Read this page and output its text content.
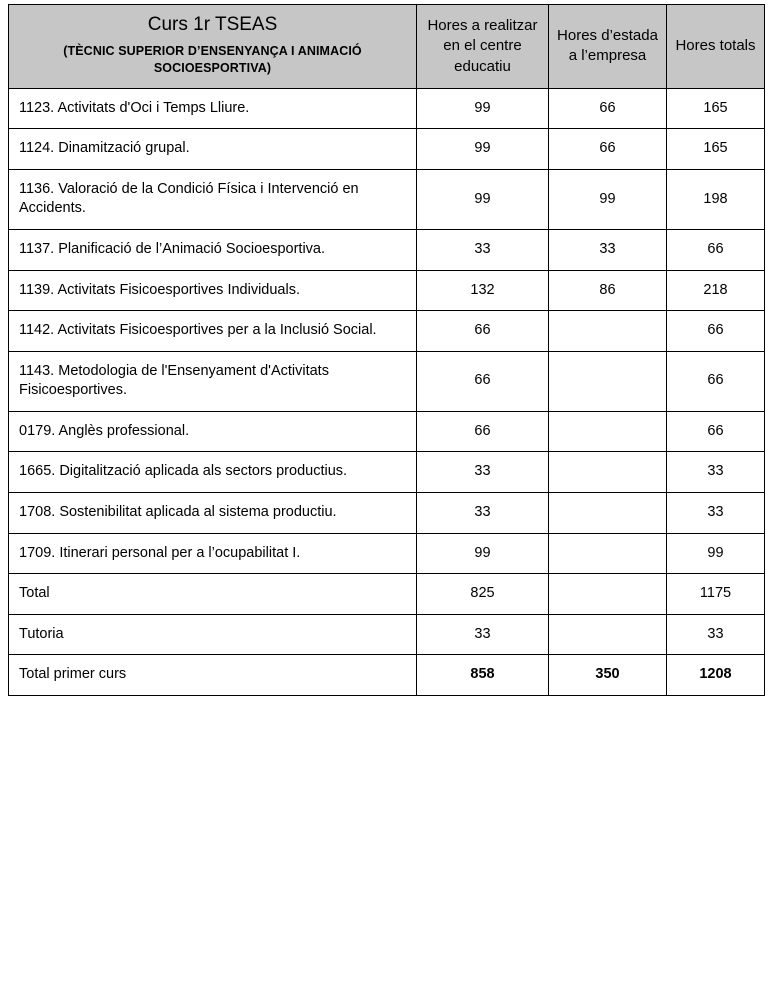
Curs 1r TSEAS
(TÈCNIC SUPERIOR D’ENSENYANÇA I ANIMACIÓ SOCIOESPORTIVA)	Hores a realitzar en el centre educatiu	Hores d’estada a l’empresa	Hores totals
1123. Activitats d'Oci i Temps Lliure.	99	66	165
1124. Dinamització grupal.	99	66	165
1136. Valoració de la Condició Física i Intervenció en Accidents.	99	99	198
1137. Planificació de l’Animació Socioesportiva.	33	33	66
1139. Activitats Fisicoesportives Individuals.	132	86	218
1142. Activitats Fisicoesportives per a la Inclusió Social.	66		66
1143. Metodologia de l'Ensenyament d'Activitats Fisicoesportives.	66		66
0179. Anglès professional.	66		66
1665. Digitalització aplicada als sectors productius.	33		33
1708. Sostenibilitat aplicada al sistema productiu.	33		33
1709. Itinerari personal per a l’ocupabilitat I.	99		99
Total	825		1175
Tutoria	33		33
Total primer curs	858	350	1208
